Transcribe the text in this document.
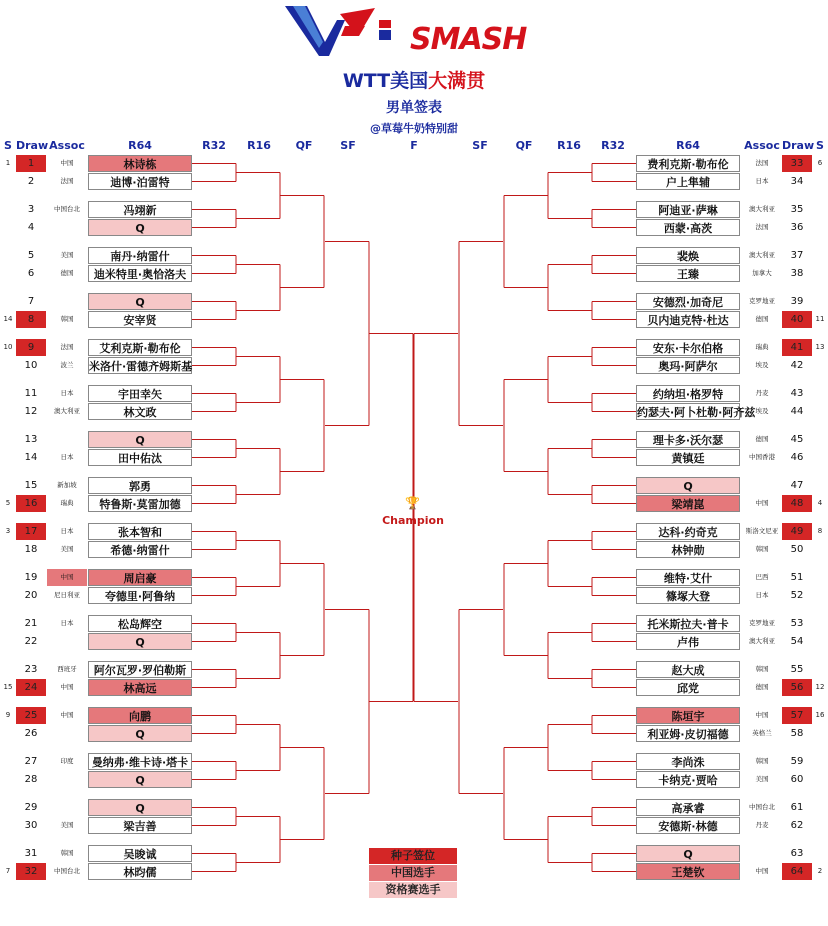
SMASH
WTT美国大满贯
男单签表
@草莓牛奶特别甜
S Draw Assoc	R64	R32	R16	QF	SF	F	SF	QF	R16	R32	R64	Assoc Draw S
1	1	中国	林诗栋
2	法国	迪博·泊雷特
3	中国台北	冯翊新
4	Q
5	美国	南丹·纳雷什
6	德国	迪米特里·奥恰洛夫
7	Q
14	8	韩国	安宰贤
10	9	法国	艾利克斯·勒布伦
10	波兰	米洛什·雷德齐姆斯基
11	日本	宇田幸矢
12	澳大利亚	林文政
13	Q
14	日本	田中佑汰
15	新加坡	郭勇
5	16	瑞典	特鲁斯·莫雷加德
3	17	日本	张本智和
18	美国	希德·纳雷什
19	中国	周启豪
20	尼日利亚	夸德里·阿鲁纳
21	日本	松岛辉空
22	Q
23	西班牙	阿尔瓦罗·罗伯勒斯
15	24	中国	林高远
9	25	中国	向鹏
26	Q
27	印度	曼纳弗·维卡诗·塔卡
28	Q
29	Q
30	美国	梁吉善
31	韩国	吴晙诚
7	32	中国台北	林昀儒
费利克斯·勒布伦	法国	33	6
户上隼辅	日本	34
阿迪亚·萨琳	澳大利亚	35
西蒙·高茨	法国	36
裴焕	澳大利亚	37
王臻	加拿大	38
安德烈·加奇尼	克罗地亚	39
贝内迪克特·杜达	德国	40	11
安东·卡尔伯格	瑞典	41	13
奥玛·阿萨尔	埃及	42
约纳坦·格罗特	丹麦	43
约瑟夫·阿卜杜勒·阿齐兹 埃及	44
理卡多·沃尔瑟	德国	45
黄镇廷	中国香港	46
Q	47
梁靖崑	中国	48	4
达科·约奇克	斯洛文尼亚	49	8
林钟勋	韩国	50
维特·艾什	巴西	51
篠塚大登	日本	52
托米斯拉夫·普卡	克罗地亚	53
卢伟	澳大利亚	54
赵大成	韩国	55
邱党	德国	56	12
陈垣宇	中国	57	16
利亚姆·皮切福德	英格兰	58
李尚洙	韩国	59
卡纳克·贾哈	美国	60
高承睿	中国台北	61
安德斯·林德	丹麦	62
Q	63
王楚钦	中国	64	2
🏆
Champion
种子签位
中国选手
资格赛选手
